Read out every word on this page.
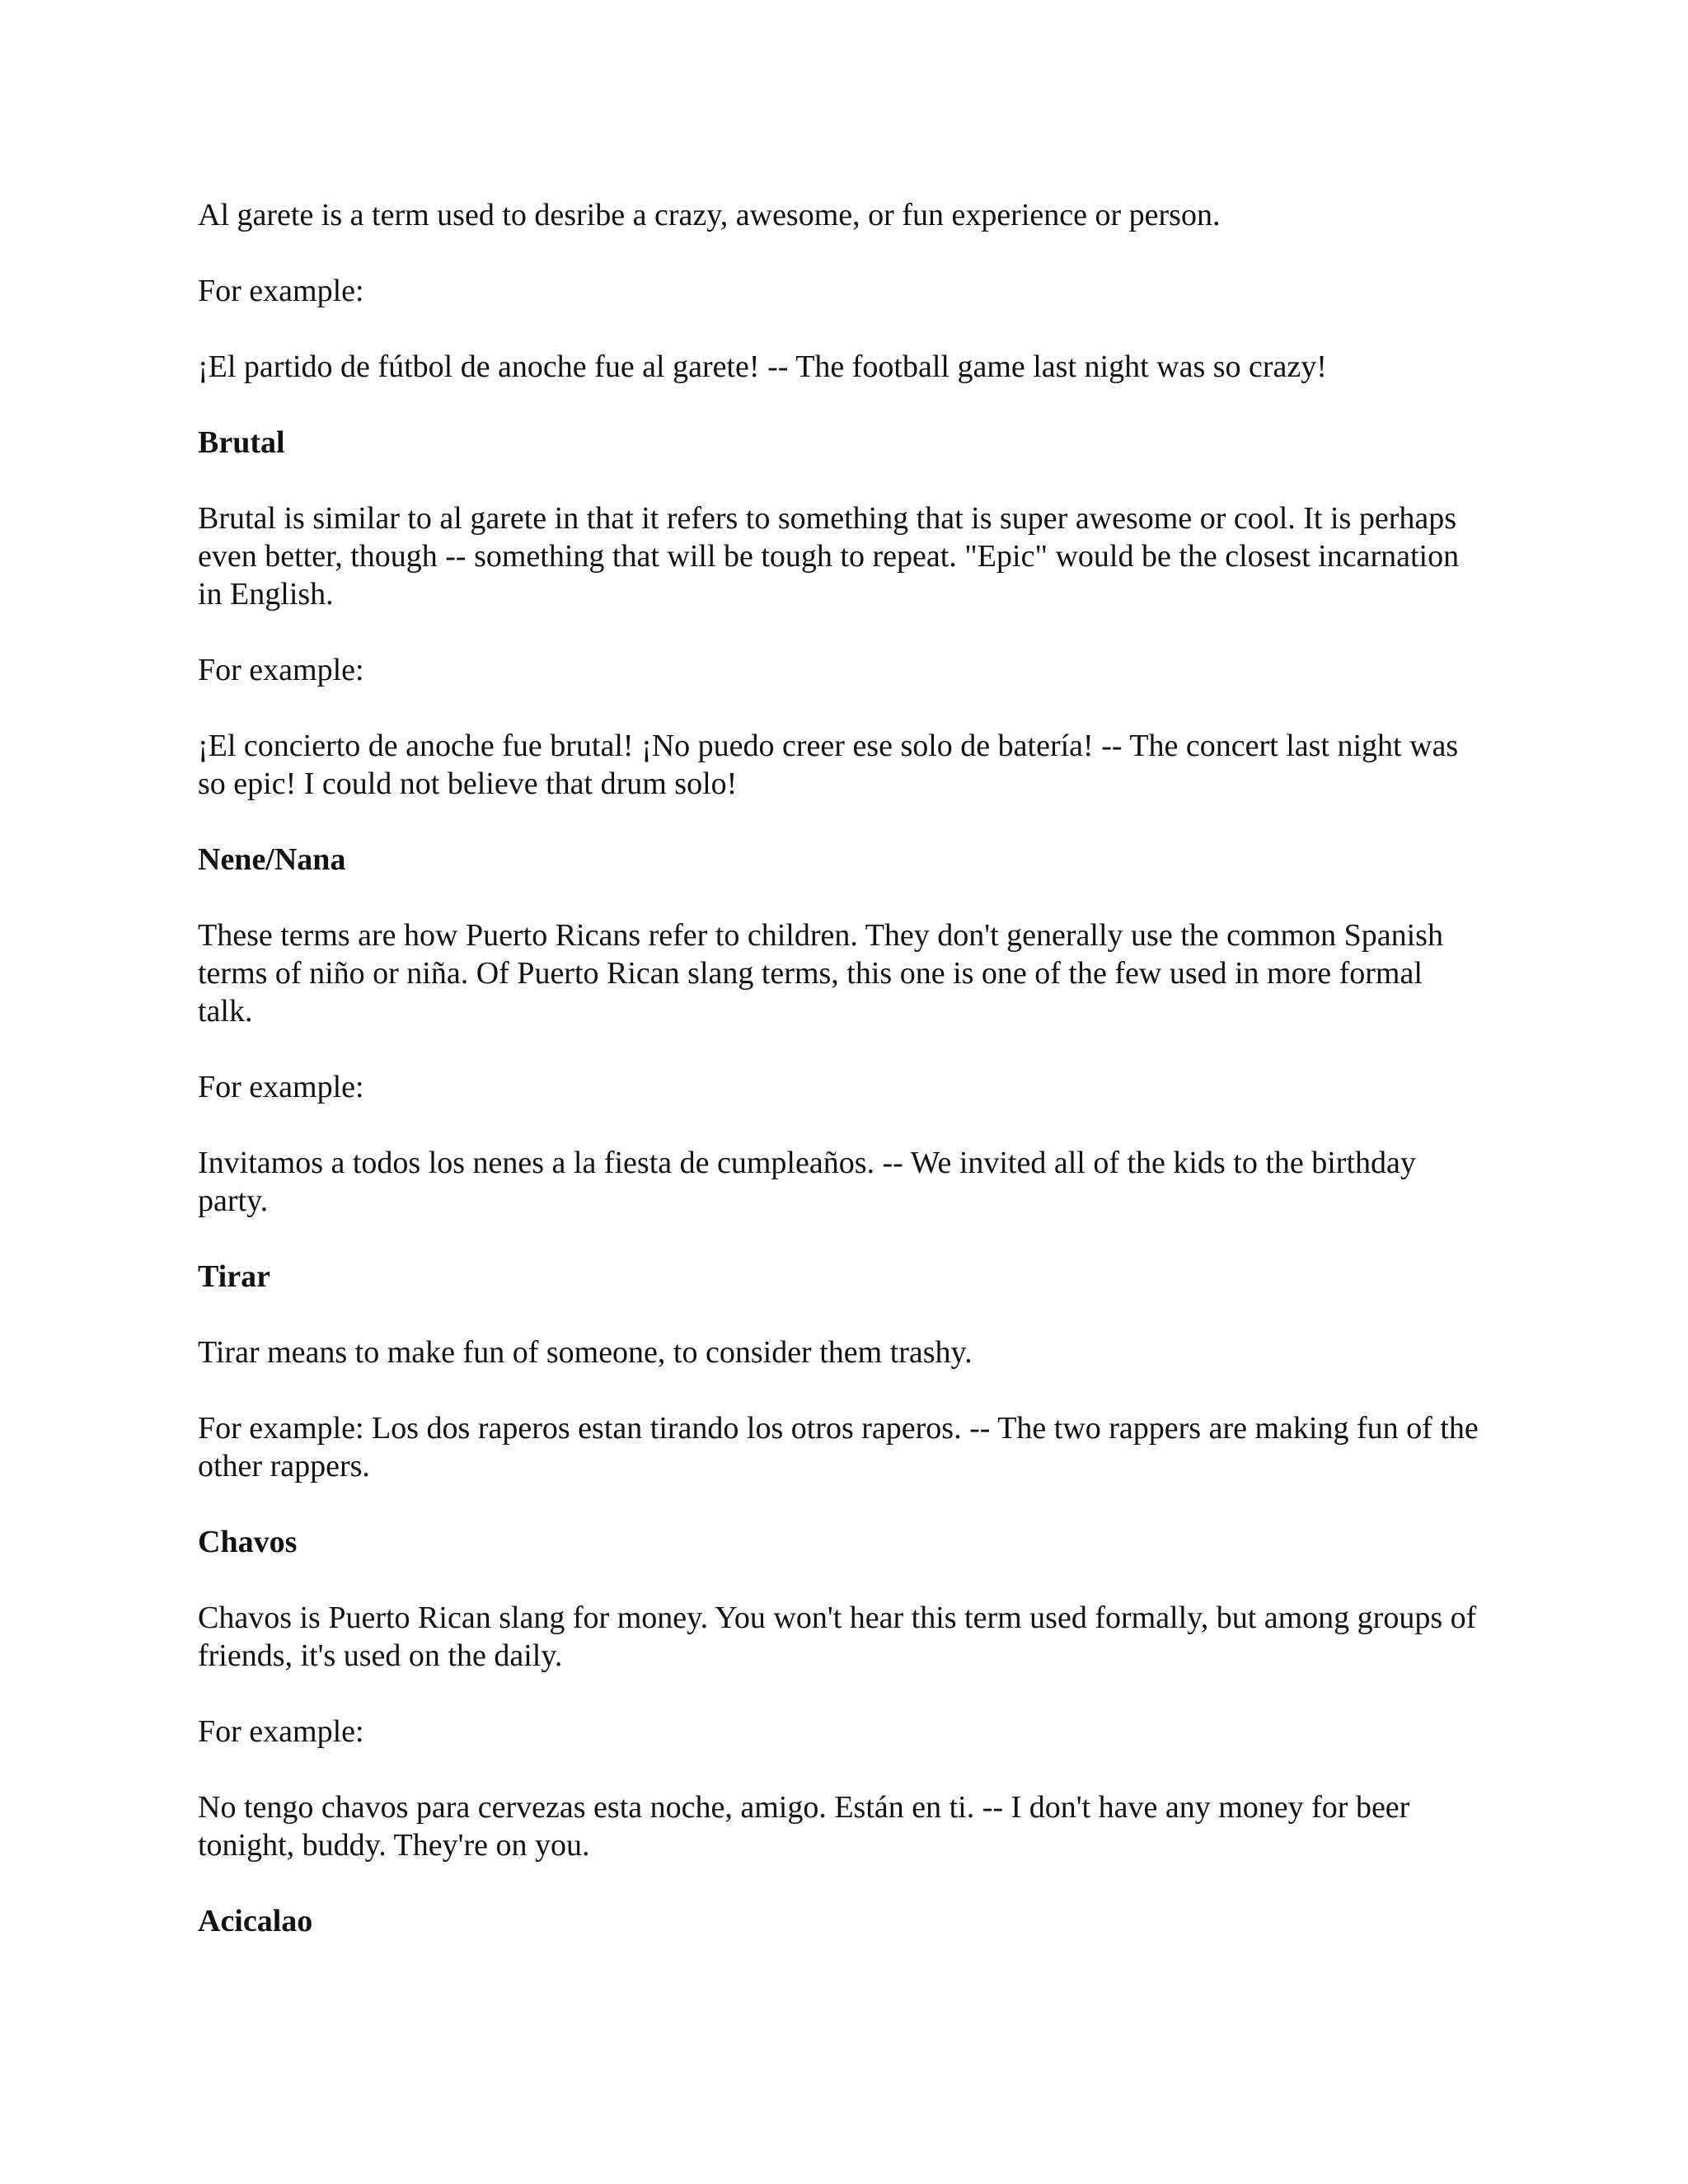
Al garete is a term used to desribe a crazy, awesome, or fun experience or person.

For example:

¡El partido de fútbol de anoche fue al garete! -- The football game last night was so crazy!

Brutal

Brutal is similar to al garete in that it refers to something that is super awesome or cool. It is perhaps even better, though -- something that will be tough to repeat. "Epic" would be the closest incarnation in English.

For example:

¡El concierto de anoche fue brutal! ¡No puedo creer ese solo de batería! -- The concert last night was so epic! I could not believe that drum solo!

Nene/Nana

These terms are how Puerto Ricans refer to children. They don't generally use the common Spanish terms of niño or niña. Of Puerto Rican slang terms, this one is one of the few used in more formal talk.

For example:

Invitamos a todos los nenes a la fiesta de cumpleaños. -- We invited all of the kids to the birthday party.

Tirar

Tirar means to make fun of someone, to consider them trashy.

For example: Los dos raperos estan tirando los otros raperos. -- The two rappers are making fun of the other rappers.

Chavos

Chavos is Puerto Rican slang for money. You won't hear this term used formally, but among groups of friends, it's used on the daily.

For example:

No tengo chavos para cervezas esta noche, amigo. Están en ti. -- I don't have any money for beer tonight, buddy. They're on you.

Acicalao
